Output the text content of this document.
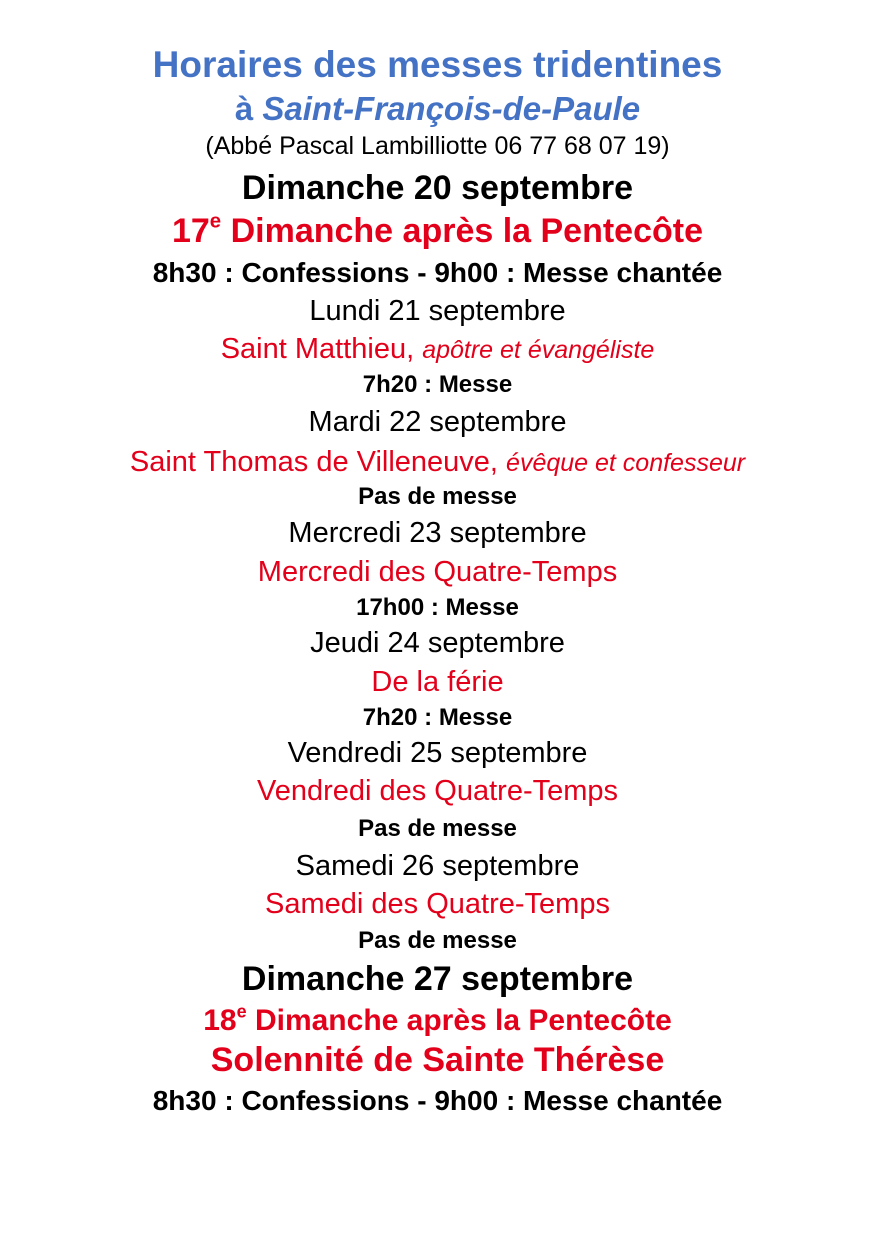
Horaires des messes tridentines
à Saint-François-de-Paule
(Abbé Pascal Lambilliotte 06 77 68 07 19)
Dimanche 20 septembre
17e Dimanche après la Pentecôte
8h30 : Confessions - 9h00 : Messe chantée
Lundi 21 septembre
Saint Matthieu, apôtre et évangéliste
7h20 : Messe
Mardi 22 septembre
Saint Thomas de Villeneuve, évêque et confesseur
Pas de messe
Mercredi 23 septembre
Mercredi des Quatre-Temps
17h00 : Messe
Jeudi 24 septembre
De la férie
7h20 : Messe
Vendredi 25 septembre
Vendredi des Quatre-Temps
Pas de messe
Samedi 26 septembre
Samedi des Quatre-Temps
Pas de messe
Dimanche 27 septembre
18e Dimanche après la Pentecôte
Solennité de Sainte Thérèse
8h30 : Confessions - 9h00 : Messe chantée
